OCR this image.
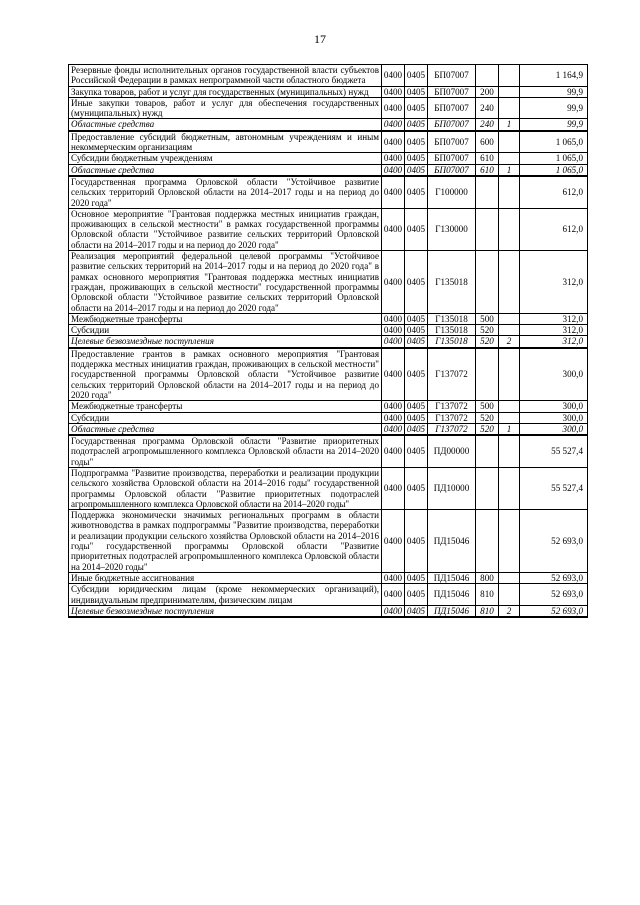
17
Резервные фонды исполнительных органов государственной власти субъектов Российской Федерации в рамках непрограммной части областного бюджета	0400	0405	БП07007			1 164,9
Закупка товаров, работ и услуг для государственных (муниципальных) нужд	0400	0405	БП07007	200		99,9
Иные закупки товаров, работ и услуг для обеспечения государственных (муниципальных) нужд	0400	0405	БП07007	240		99,9
Областные средства	0400	0405	БП07007	240	1	99,9
Предоставление субсидий бюджетным, автономным учреждениям и иным некоммерческим организациям	0400	0405	БП07007	600		1 065,0
Субсидии бюджетным учреждениям	0400	0405	БП07007	610		1 065,0
Областные средства	0400	0405	БП07007	610	1	1 065,0
Государственная программа Орловской области "Устойчивое развитие сельских территорий Орловской области на 2014–2017 годы и на период до 2020 года"	0400	0405	Г100000			612,0
Основное мероприятие "Грантовая поддержка местных инициатив граждан, проживающих в сельской местности" в рамках государственной программы Орловской области "Устойчивое развитие сельских территорий Орловской области на 2014–2017 годы и на период до 2020 года"	0400	0405	Г130000			612,0
Реализация мероприятий федеральной целевой программы "Устойчивое развитие сельских территорий на 2014–2017 годы и на период до 2020 года" в рамках основного мероприятия "Грантовая поддержка местных инициатив граждан, проживающих в сельской местности" государственной программы Орловской области "Устойчивое развитие сельских территорий Орловской области на 2014–2017 годы и на период до 2020 года"	0400	0405	Г135018			312,0
Межбюджетные трансферты	0400	0405	Г135018	500		312,0
Субсидии	0400	0405	Г135018	520		312,0
Целевые безвозмездные поступления	0400	0405	Г135018	520	2	312,0
Предоставление грантов в рамках основного мероприятия "Грантовая поддержка местных инициатив граждан, проживающих в сельской местности" государственной программы Орловской области "Устойчивое развитие сельских территорий Орловской области на 2014–2017 годы и на период до 2020 года"	0400	0405	Г137072			300,0
Межбюджетные трансферты	0400	0405	Г137072	500		300,0
Субсидии	0400	0405	Г137072	520		300,0
Областные средства	0400	0405	Г137072	520	1	300,0
Государственная программа Орловской области "Развитие приоритетных подотраслей агропромышленного комплекса Орловской области на 2014–2020 годы"	0400	0405	ПД00000			55 527,4
Подпрограмма "Развитие производства, переработки и реализации продукции сельского хозяйства Орловской области на 2014–2016 годы" государственной программы Орловской области "Развитие приоритетных подотраслей агропромышленного комплекса Орловской области на 2014–2020 годы"	0400	0405	ПД10000			55 527,4
Поддержка экономически значимых региональных программ в области животноводства в рамках подпрограммы "Развитие производства, переработки и реализации продукции сельского хозяйства Орловской области на 2014–2016 годы" государственной программы Орловской области "Развитие приоритетных подотраслей агропромышленного комплекса Орловской области на 2014–2020 годы"	0400	0405	ПД15046			52 693,0
Иные бюджетные ассигнования	0400	0405	ПД15046	800		52 693,0
Субсидии юридическим лицам (кроме некоммерческих организаций), индивидуальным предпринимателям, физическим лицам	0400	0405	ПД15046	810		52 693,0
Целевые безвозмездные поступления	0400	0405	ПД15046	810	2	52 693,0
